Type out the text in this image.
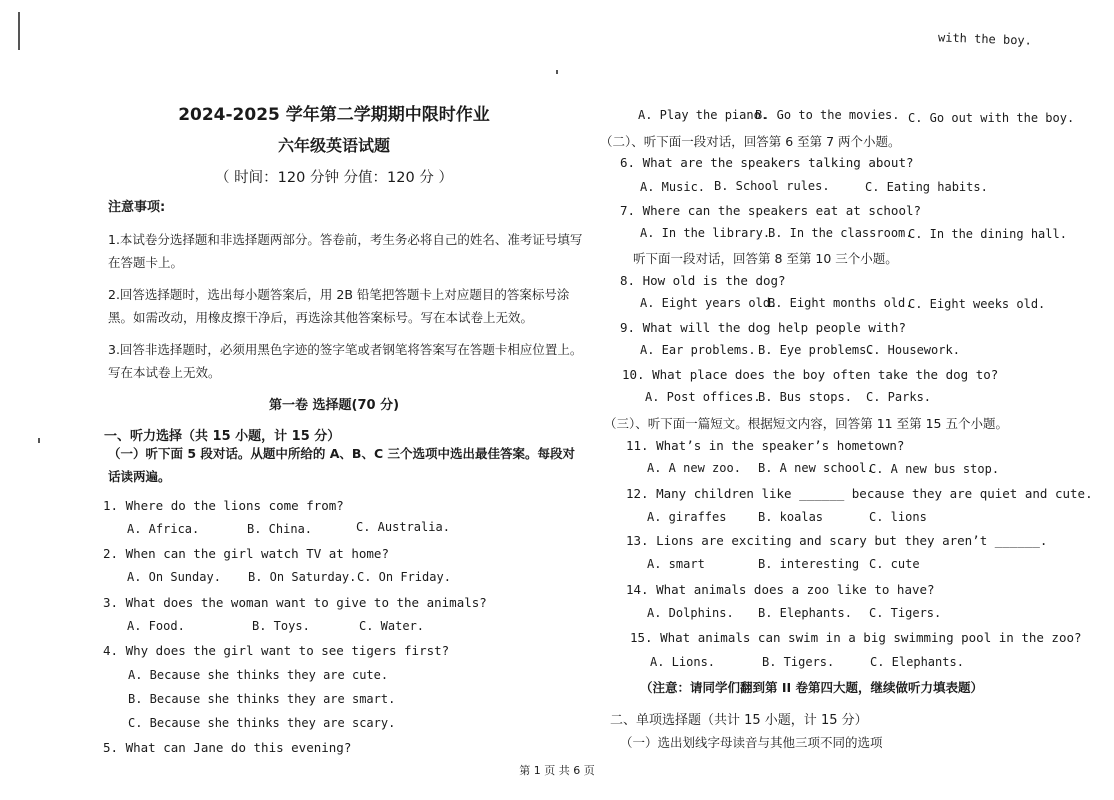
with the boy.
2024-2025 学年第二学期期中限时作业
六年级英语试题
（ 时间：120 分钟 分值：120 分 ）
注意事项:
1.本试卷分选择题和非选择题两部分。答卷前，考生务必将自己的姓名、准考证号填写在答题卡上。
2.回答选择题时，选出每小题答案后，用 2B 铅笔把答题卡上对应题目的答案标号涂黑。如需改动，用橡皮擦干净后，再选涂其他答案标号。写在本试卷上无效。
3.回答非选择题时，必须用黑色字迹的签字笔或者钢笔将答案写在答题卡相应位置上。写在本试卷上无效。
第一卷 选择题(70 分)
一、听力选择（共 15 小题，计 15 分）
（一）听下面 5 段对话。从题中所给的 A、B、C 三个选项中选出最佳答案。每段对话读两遍。
1. Where do the lions come from?
A. Africa.	B. China.	C. Australia.
2. When can the girl watch TV at home?
A. On Sunday. B. On Saturday. C. On Friday.
3. What does the woman want to give to the animals?
A. Food.	B. Toys.	C. Water.
4. Why does the girl want to see tigers first?
A. Because she thinks they are cute.
B. Because she thinks they are smart.
C. Because she thinks they are scary.
5. What can Jane do this evening?
A. Play the piano.
B. Go to the movies. C. Go out with the boy.
（二）、听下面一段对话，回答第 6 至第 7 两个小题。
6. What are the speakers talking about?
A. Music. B. School rules.	C. Eating habits.
7. Where can the speakers eat at school?
A. In the library.
B. In the classroom.
C. In the dining hall.
听下面一段对话，回答第 8 至第 10 三个小题。
8. How old is the dog?
A. Eight years old.
B. Eight months old.
C. Eight weeks old.
9. What will the dog help people with?
A. Ear problems. B. Eye problems.
C. Housework.
10. What place does the boy often take the dog to?
A. Post offices.
B. Bus stops. C. Parks.
（三）、听下面一篇短文。根据短文内容，回答第 11 至第 15 五个小题。
11. What’s in the speaker’s hometown?
A. A new zoo. B. A new school.
C. A new bus stop.
12. Many children like ______ because they are quiet and cute.
A. giraffes	B. koalas	C. lions
13. Lions are exciting and scary but they aren’t ______.
A. smart	B. interesting C. cute
14. What animals does a zoo like to have?
A. Dolphins. B. Elephants. C. Tigers.
15. What animals can swim in a big swimming pool in the zoo?
A. Lions.	B. Tigers.	C. Elephants.
（注意：请同学们翻到第 II 卷第四大题，继续做听力填表题）
二、单项选择题（共计 15 小题，计 15 分）
（一）选出划线字母读音与其他三项不同的选项
第 1 页 共 6 页
